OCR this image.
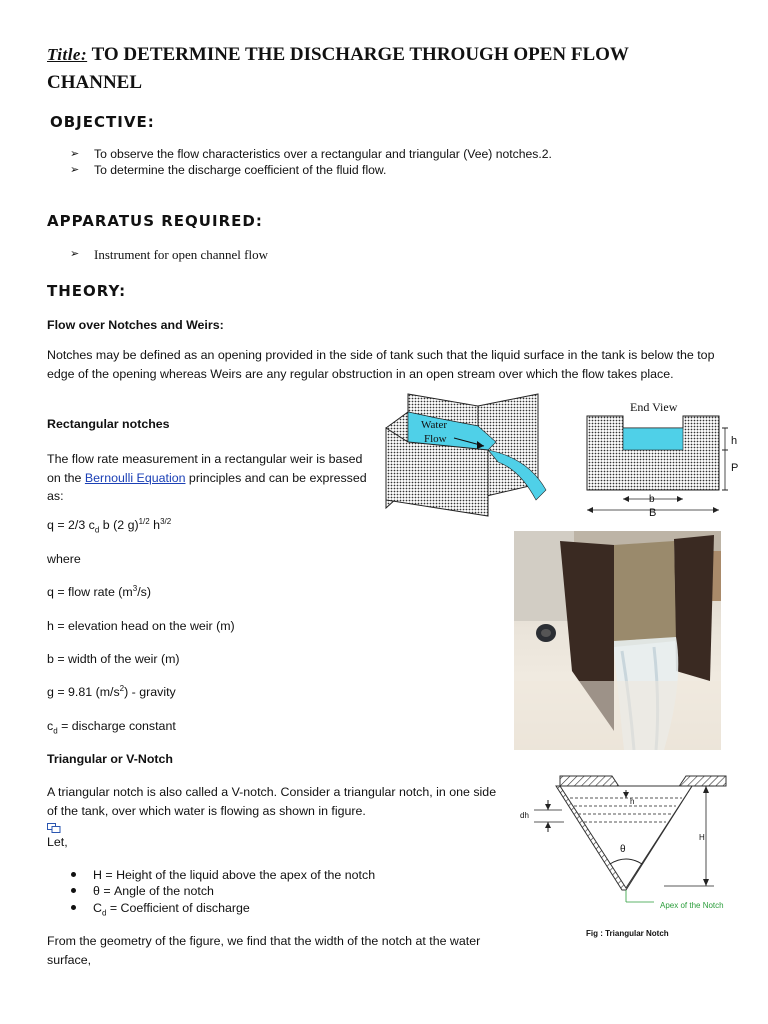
Title: TO DETERMINE THE DISCHARGE THROUGH OPEN FLOW
CHANNEL
OBJECTIVE:
➢ To observe the flow characteristics over a rectangular and triangular (Vee) notches.2.
➢ To determine the discharge coefficient of the fluid flow.
APPARATUS REQUIRED:
➢ Instrument for open channel flow
THEORY:
Flow over Notches and Weirs:
Notches may be defined as an opening provided in the side of tank such that the liquid surface in the tank is below the top edge of the opening whereas Weirs are any regular obstruction in an open stream over which the flow takes place.
Rectangular notches
The flow rate measurement in a rectangular weir is based on the Bernoulli Equation principles and can be expressed as:
q = 2/3 $c_d$ b (2 g)$^{1/2}$ $h^{3/2}$
where
q = flow rate $(m^3/s)$
h = elevation head on the weir (m)
b = width of the weir (m)
g = 9.81 $(m/s^2)$ - gravity
$c_d$ = discharge constant
Triangular or V-Notch
A triangular notch is also called a V-notch. Consider a triangular notch, in one side of the tank, over which water is flowing as shown in figure.
Let,
H = Height of the liquid above the apex of the notch
θ = Angle of the notch
$C_d$ = Coefficient of discharge
From the geometry of the figure, we find that the width of the notch at the water surface,
Water
Flow
End View
h
P
b
B
h
dh
H
θ
Apex of the Notch
Fig : Triangular Notch
